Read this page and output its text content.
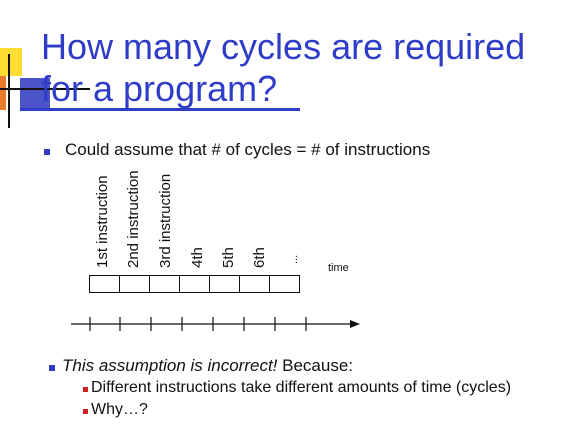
How many cycles are required
for a program?
Could assume that # of cycles = # of instructions
1st instruction 2nd instruction 3rd instruction 4th 5th 6th ...
time
This assumption is incorrect! Because:
Different instructions take different amounts of time (cycles)
Why…?
